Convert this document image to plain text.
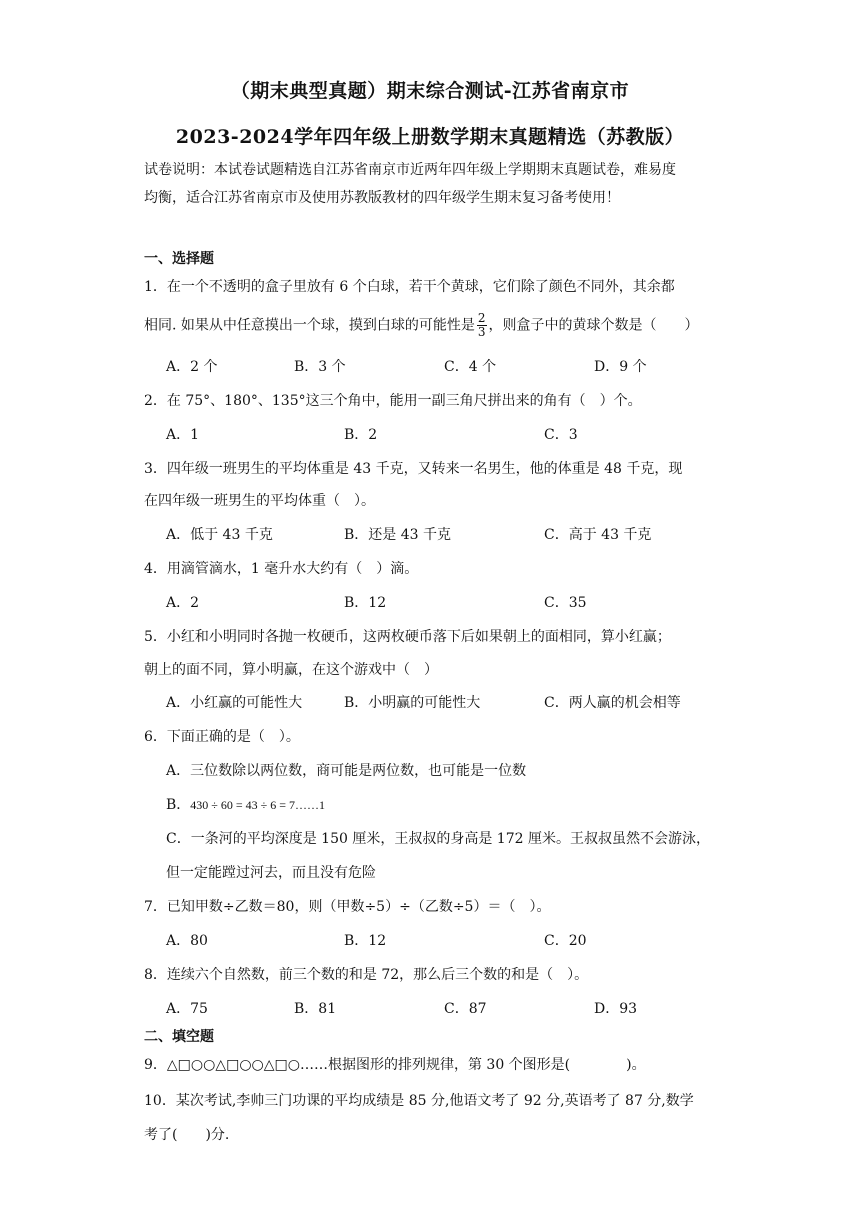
（期末典型真题）期末综合测试-江苏省南京市
2023-2024学年四年级上册数学期末真题精选（苏教版）
试卷说明：本试卷试题精选自江苏省南京市近两年四年级上学期期末真题试卷，难易度
均衡，适合江苏省南京市及使用苏教版教材的四年级学生期末复习备考使用！
一、选择题
1．在一个不透明的盒子里放有 6 个白球，若干个黄球，它们除了颜色不同外，其余都
相同. 如果从中任意摸出一个球，摸到白球的可能性是 $\frac{2}{3}$ ，则盒子中的黄球个数是（　　）
A．2 个	B．3 个	C．4 个	D．9 个
2．在 75°、180°、135°这三个角中，能用一副三角尺拼出来的角有（　）个。
A．1	B．2	C．3
3．四年级一班男生的平均体重是 43 千克，又转来一名男生，他的体重是 48 千克，现
在四年级一班男生的平均体重（　）。
A．低于 43 千克	B．还是 43 千克	C．高于 43 千克
4．用滴管滴水，1 毫升水大约有（　）滴。
A．2	B．12	C．35
5．小红和小明同时各抛一枚硬币，这两枚硬币落下后如果朝上的面相同，算小红赢；
朝上的面不同，算小明赢，在这个游戏中（　）
A．小红赢的可能性大	B．小明赢的可能性大	C．两人赢的机会相等
6．下面正确的是（　）。
A．三位数除以两位数，商可能是两位数，也可能是一位数
B．430 ÷ 60 = 43 ÷ 6 = 7……1
C．一条河的平均深度是 150 厘米，王叔叔的身高是 172 厘米。王叔叔虽然不会游泳，
但一定能蹚过河去，而且没有危险
7．已知甲数÷乙数＝80，则（甲数÷5）÷（乙数÷5）＝（　）。
A．80	B．12	C．20
8．连续六个自然数，前三个数的和是 72，那么后三个数的和是（　）。
A．75	B．81	C．87	D．93
二、填空题
9．△□○○△□○○△□○……根据图形的排列规律，第 30 个图形是(　　　　)。
10．某次考试,李帅三门功课的平均成绩是 85 分,他语文考了 92 分,英语考了 87 分,数学
考了(　　)分.
